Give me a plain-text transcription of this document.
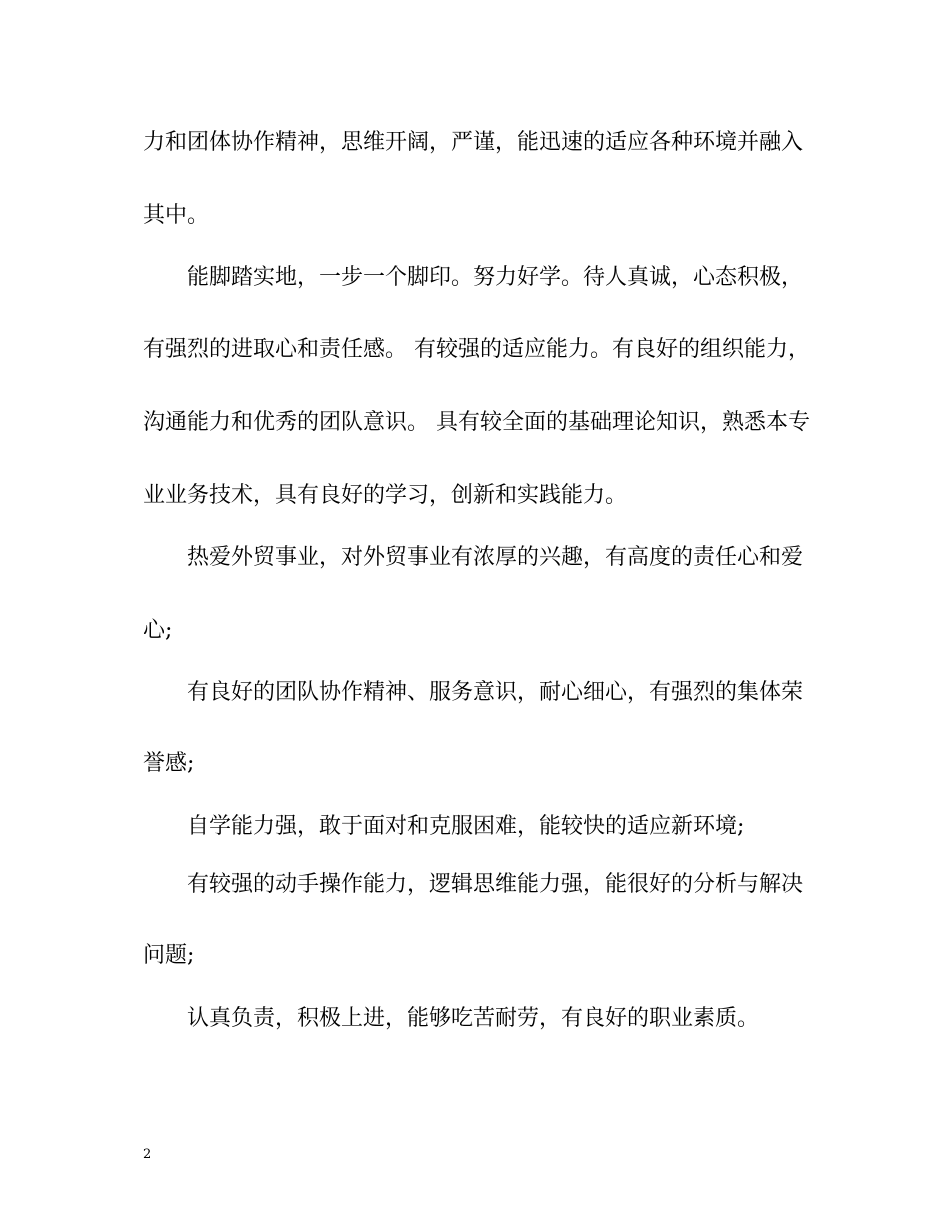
力和团体协作精神，思维开阔，严谨，能迅速的适应各种环境并融入
其中。
能脚踏实地，一步一个脚印。努力好学。待人真诚，心态积极，
有强烈的进取心和责任感。 有较强的适应能力。有良好的组织能力，
沟通能力和优秀的团队意识。 具有较全面的基础理论知识，熟悉本专
业业务技术，具有良好的学习，创新和实践能力。
热爱外贸事业，对外贸事业有浓厚的兴趣，有高度的责任心和爱
心;
有良好的团队协作精神、服务意识，耐心细心，有强烈的集体荣
誉感;
自学能力强，敢于面对和克服困难，能较快的适应新环境;
有较强的动手操作能力，逻辑思维能力强，能很好的分析与解决
问题;
认真负责，积极上进，能够吃苦耐劳，有良好的职业素质。
2
